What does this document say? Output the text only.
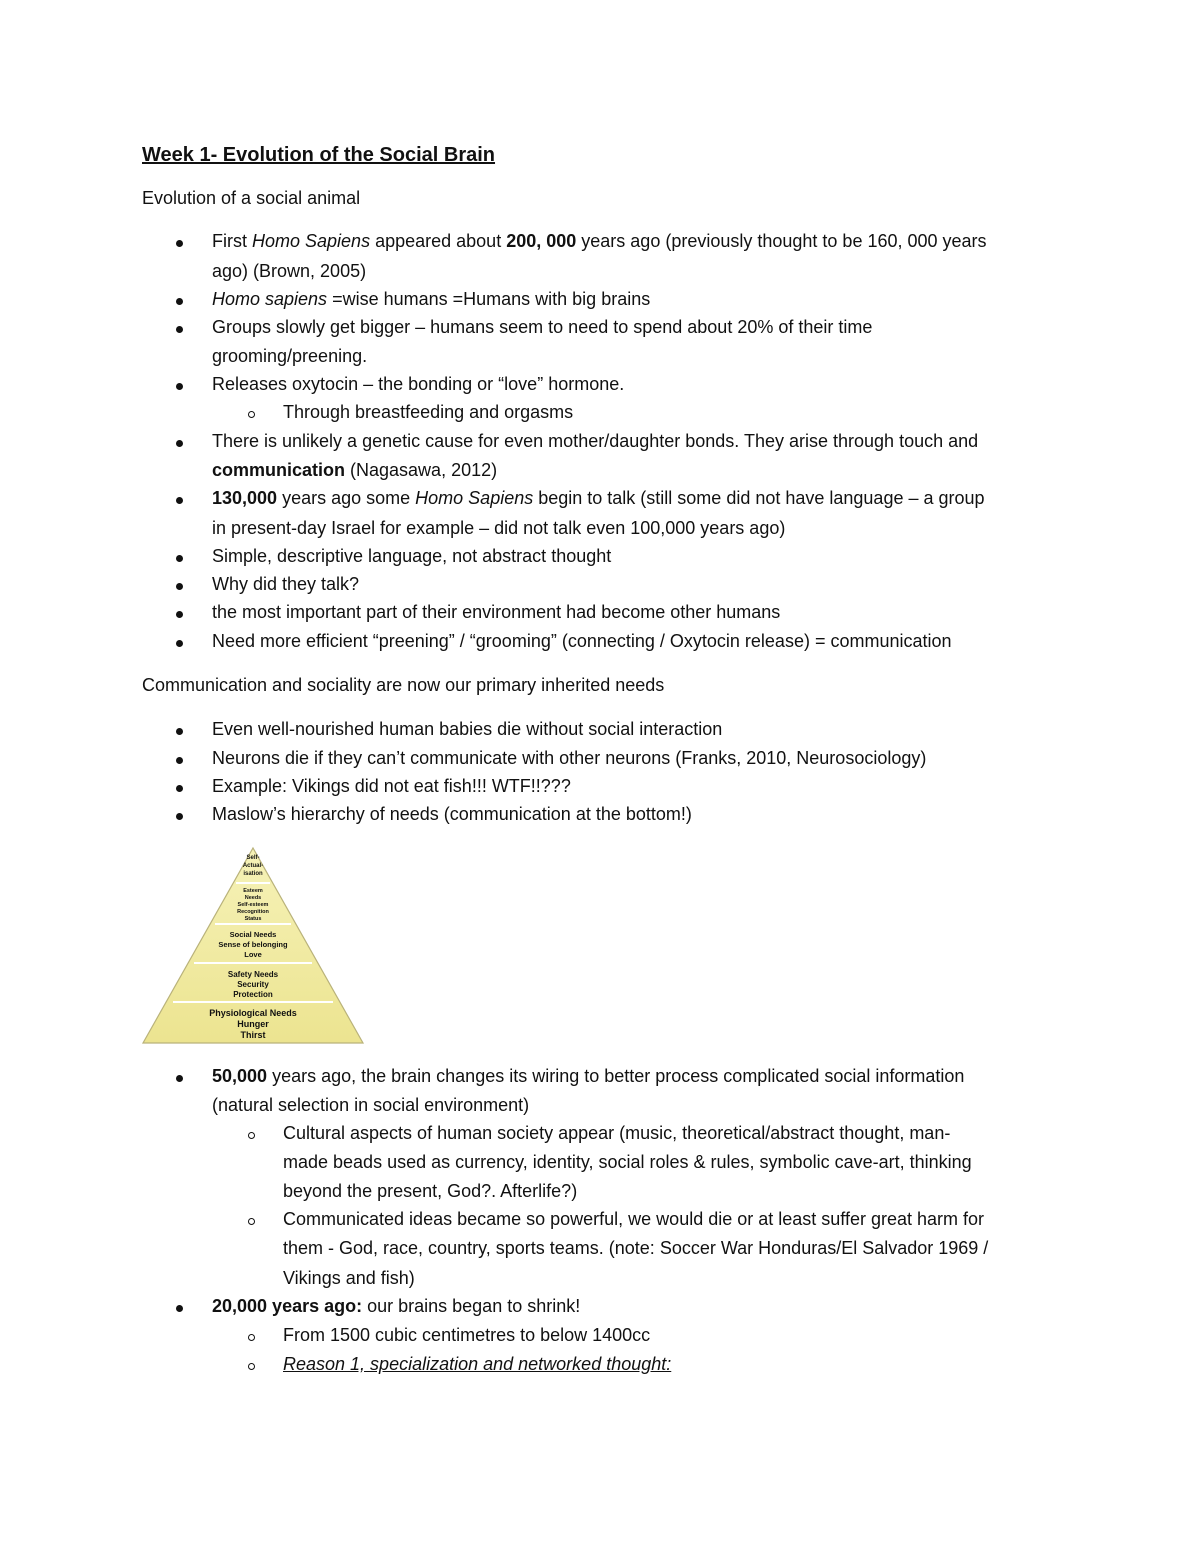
Week 1- Evolution of the Social Brain
Evolution of a social animal
First Homo Sapiens appeared about 200, 000 years ago (previously thought to be 160, 000 years
ago) (Brown, 2005)
Homo sapiens =wise humans =Humans with big brains
Groups slowly get bigger – humans seem to need to spend about 20% of their time
grooming/preening.
Releases oxytocin – the bonding or “love” hormone.
Through breastfeeding and orgasms
There is unlikely a genetic cause for even mother/daughter bonds. They arise through touch and
communication (Nagasawa, 2012)
130,000 years ago some Homo Sapiens begin to talk (still some did not have language – a group
in present-day Israel for example – did not talk even 100,000 years ago)
Simple, descriptive language, not abstract thought
Why did they talk?
the most important part of their environment had become other humans
Need more efficient “preening” / “grooming” (connecting / Oxytocin release) = communication
Communication and sociality are now our primary inherited needs
Even well-nourished human babies die without social interaction
Neurons die if they can’t communicate with other neurons (Franks, 2010, Neurosociology)
Example: Vikings did not eat fish!!! WTF!!???
Maslow’s hierarchy of needs (communication at the bottom!)
Self-
Actual-
isation
Esteem
Needs
Self-esteem
Recognition
Status
Social Needs
Sense of belonging
Love
Safety Needs
Security
Protection
Physiological Needs
Hunger
Thirst
50,000 years ago, the brain changes its wiring to better process complicated social information
(natural selection in social environment)
Cultural aspects of human society appear (music, theoretical/abstract thought, man-
made beads used as currency, identity, social roles & rules, symbolic cave-art, thinking
beyond the present, God?. Afterlife?)
Communicated ideas became so powerful, we would die or at least suffer great harm for
them - God, race, country, sports teams. (note: Soccer War Honduras/El Salvador 1969 /
Vikings and fish)
20,000 years ago: our brains began to shrink!
From 1500 cubic centimetres to below 1400cc
Reason 1, specialization and networked thought:
